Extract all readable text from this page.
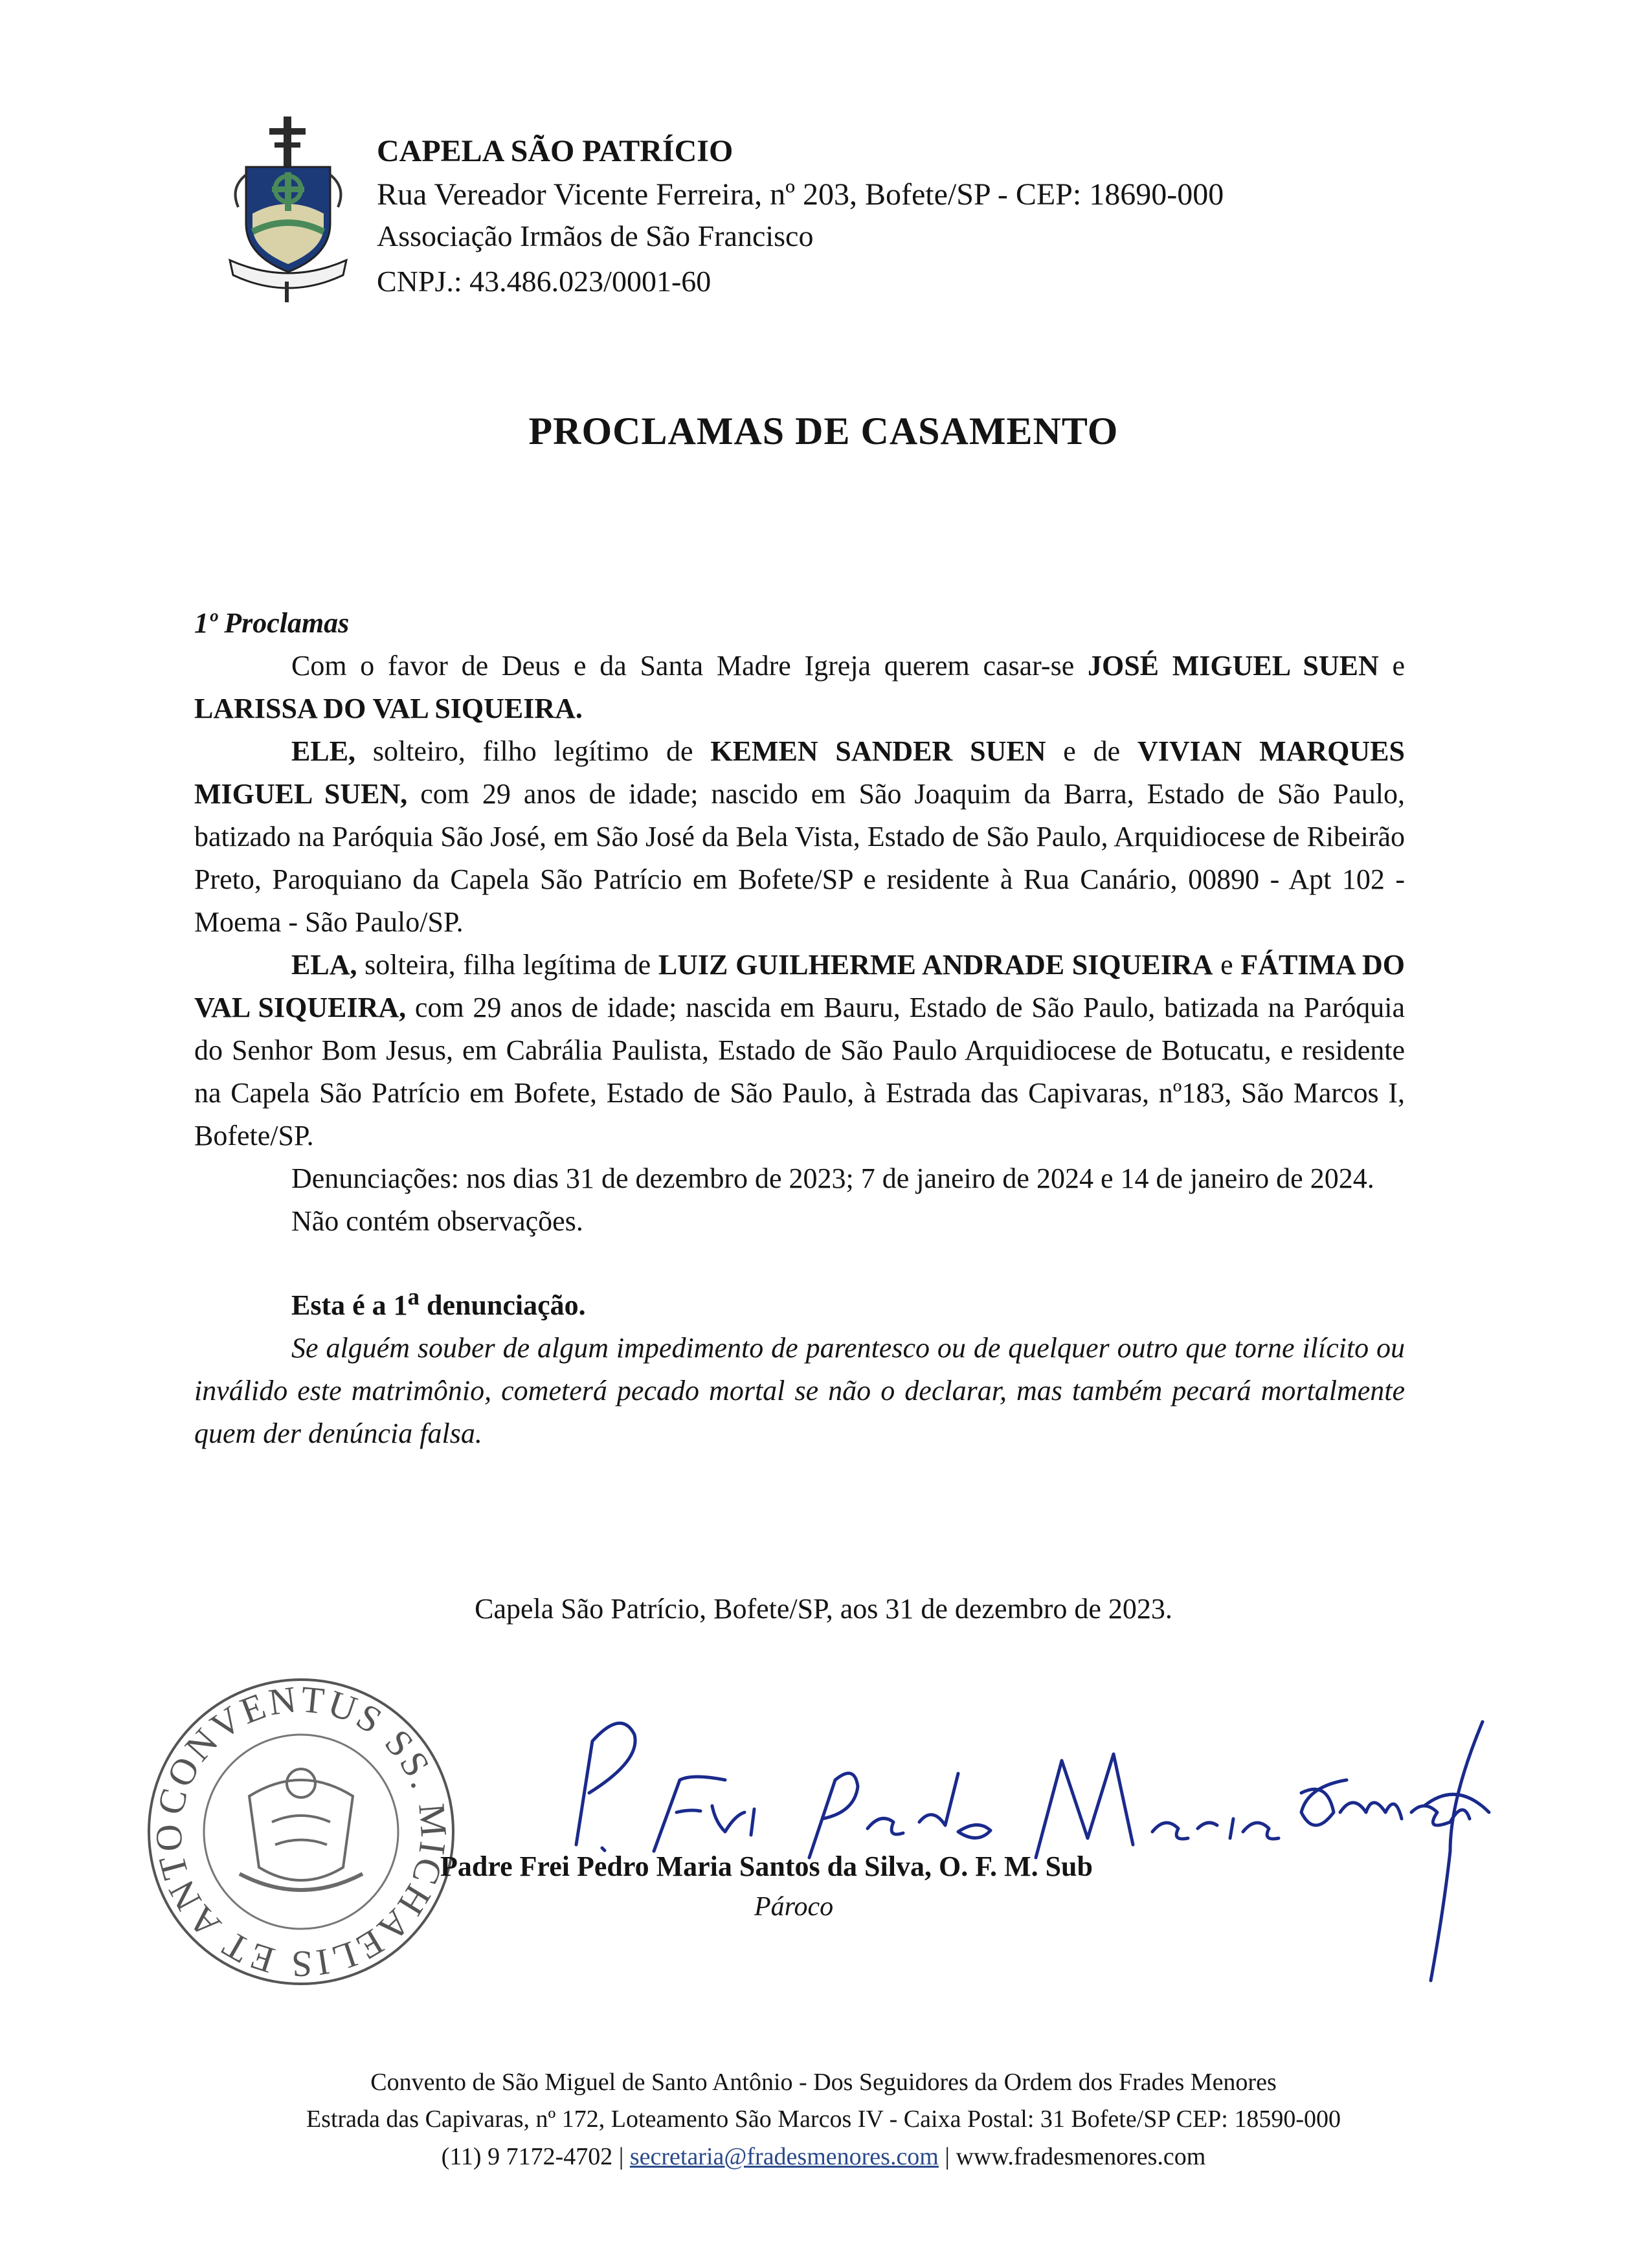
CAPELA SÃO PATRÍCIO
Rua Vereador Vicente Ferreira, nº 203, Bofete/SP - CEP: 18690-000
Associação Irmãos de São Francisco
CNPJ.: 43.486.023/0001-60
PROCLAMAS DE CASAMENTO

1º Proclamas

Com o favor de Deus e da Santa Madre Igreja querem casar-se JOSÉ MIGUEL SUEN e LARISSA DO VAL SIQUEIRA.

ELE, solteiro, filho legítimo de KEMEN SANDER SUEN e de VIVIAN MARQUES MIGUEL SUEN, com 29 anos de idade; nascido em São Joaquim da Barra, Estado de São Paulo, batizado na Paróquia São José, em São José da Bela Vista, Estado de São Paulo, Arquidiocese de Ribeirão Preto, Paroquiano da Capela São Patrício em Bofete/SP e residente à Rua Canário, 00890 - Apt 102 - Moema - São Paulo/SP.

ELA, solteira, filha legítima de LUIZ GUILHERME ANDRADE SIQUEIRA e FÁTIMA DO VAL SIQUEIRA, com 29 anos de idade; nascida em Bauru, Estado de São Paulo, batizada na Paróquia do Senhor Bom Jesus, em Cabrália Paulista, Estado de São Paulo Arquidiocese de Botucatu, e residente na Capela São Patrício em Bofete, Estado de São Paulo, à Estrada das Capivaras, nº183, São Marcos I, Bofete/SP.

Denunciações: nos dias 31 de dezembro de 2023; 7 de janeiro de 2024 e 14 de janeiro de 2024.

Não contém observações.

Esta é a 1$^a$ denunciação.

Se alguém souber de algum impedimento de parentesco ou de quelquer outro que torne ilícito ou inválido este matrimônio, cometerá pecado mortal se não o declarar, mas também pecará mortalmente quem der denúncia falsa.

Capela São Patrício, Bofete/SP, aos 31 de dezembro de 2023.
CONVENTUS SS. MICHAELIS ET ANTO
Padre Frei Pedro Maria Santos da Silva, O. F. M. Sub
Pároco
Convento de São Miguel de Santo Antônio - Dos Seguidores da Ordem dos Frades Menores
Estrada das Capivaras, nº 172, Loteamento São Marcos IV - Caixa Postal: 31 Bofete/SP CEP: 18590-000
(11) 9 7172-4702 | secretaria@fradesmenores.com | www.fradesmenores.com
